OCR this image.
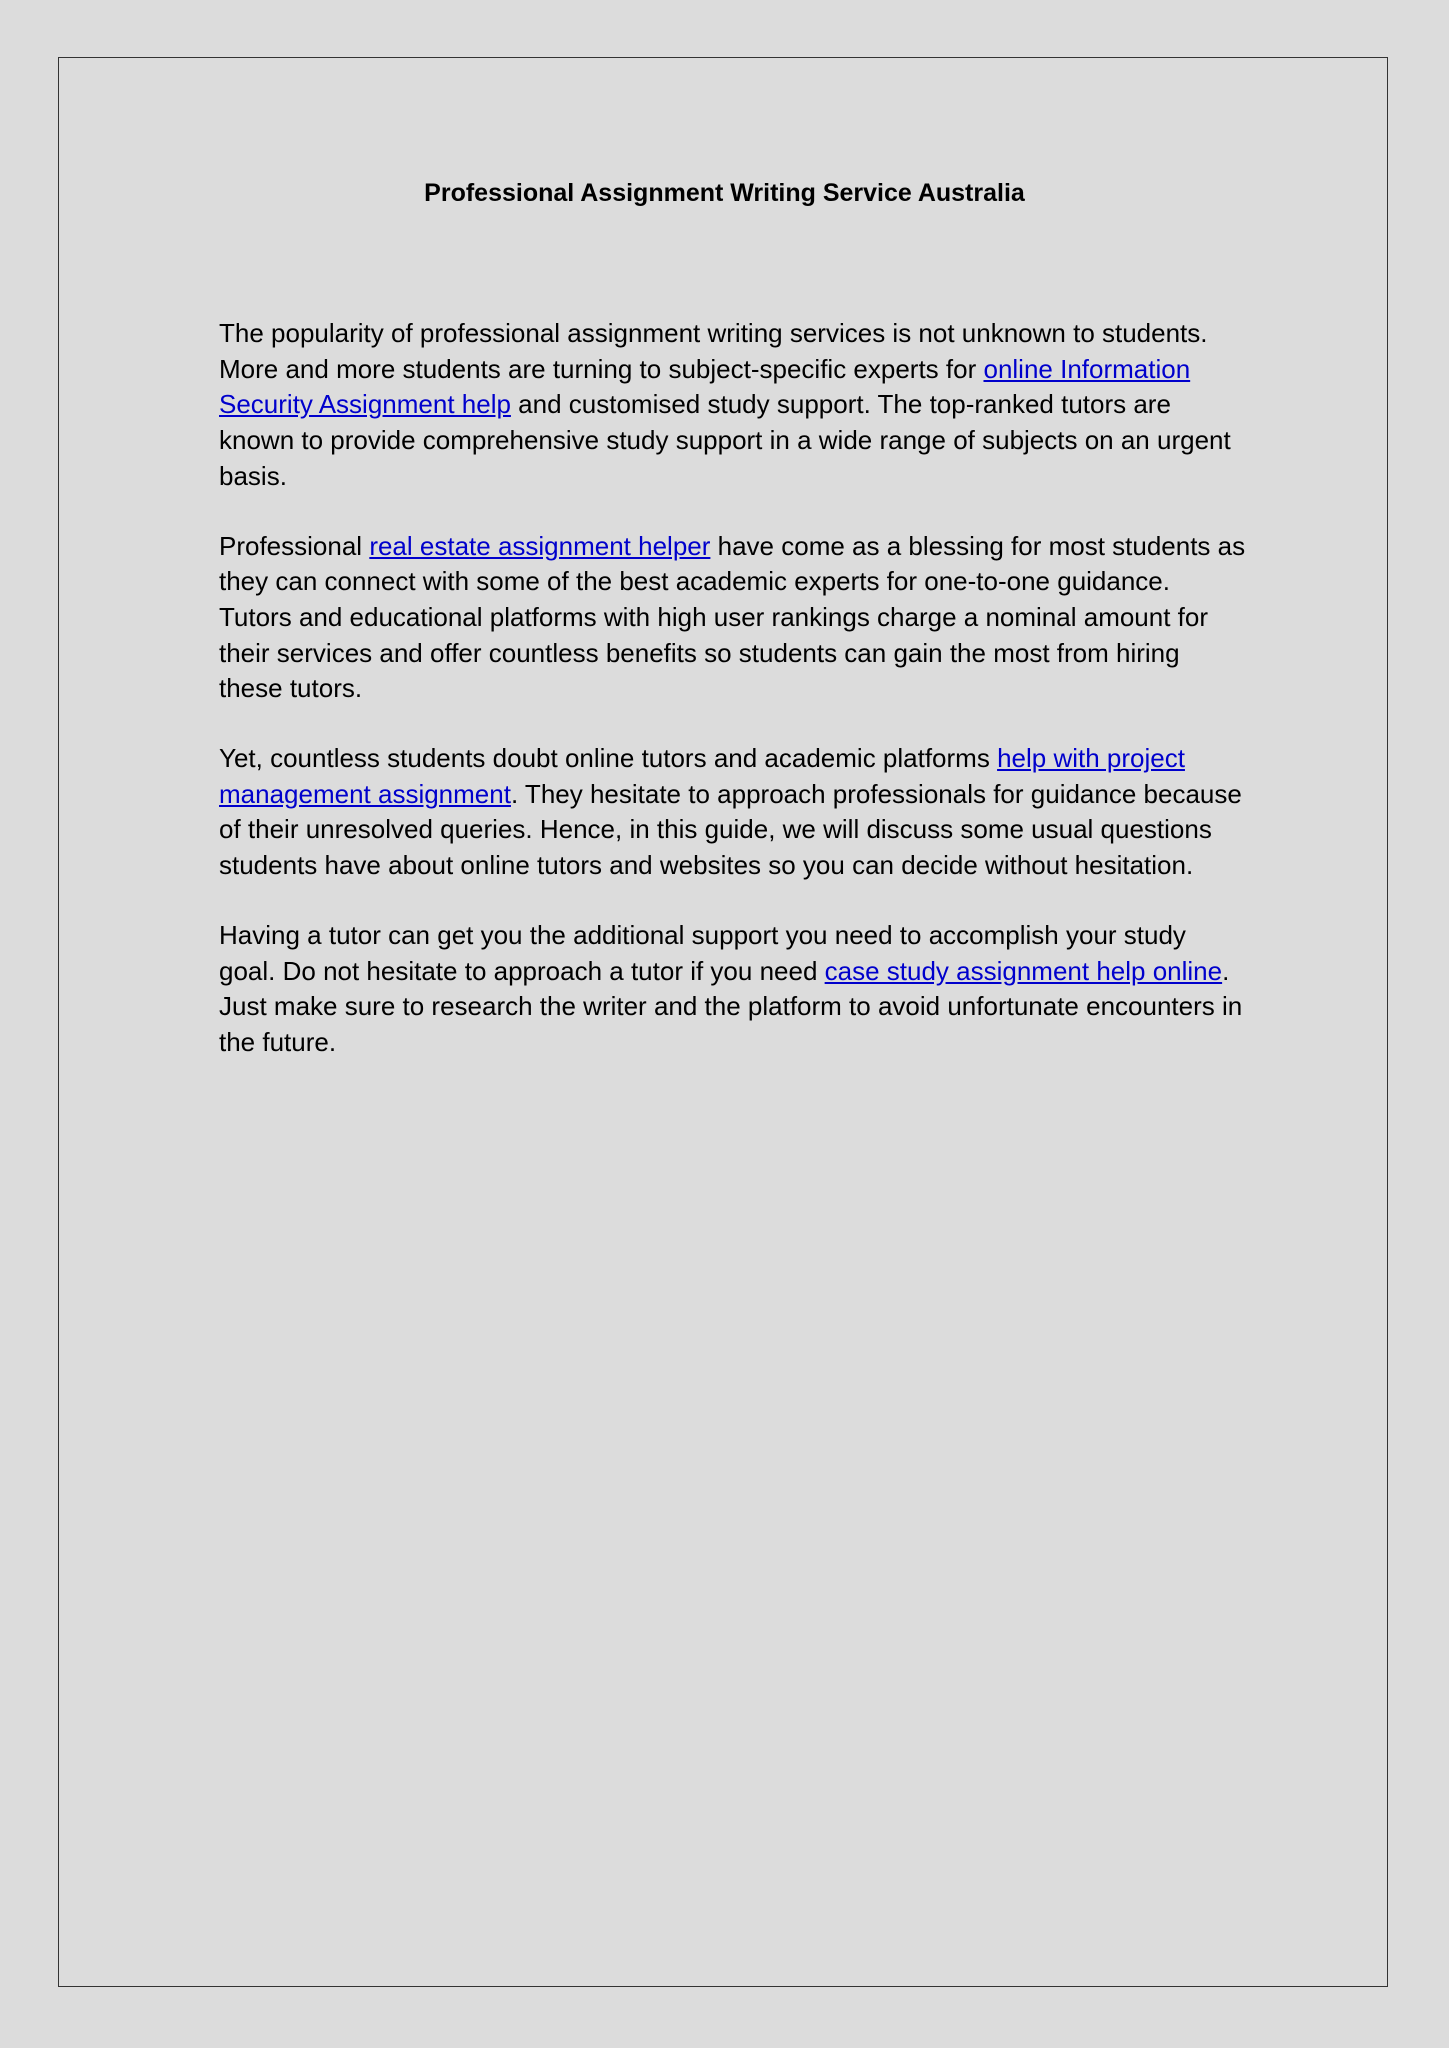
Professional Assignment Writing Service Australia

The popularity of professional assignment writing services is not unknown to students. More and more students are turning to subject-specific experts for online Information Security Assignment help and customised study support. The top-ranked tutors are known to provide comprehensive study support in a wide range of subjects on an urgent basis.

Professional real estate assignment helper have come as a blessing for most students as they can connect with some of the best academic experts for one-to-one guidance. Tutors and educational platforms with high user rankings charge a nominal amount for their services and offer countless benefits so students can gain the most from hiring these tutors.

Yet, countless students doubt online tutors and academic platforms help with project management assignment. They hesitate to approach professionals for guidance because of their unresolved queries. Hence, in this guide, we will discuss some usual questions students have about online tutors and websites so you can decide without hesitation.

Having a tutor can get you the additional support you need to accomplish your study goal. Do not hesitate to approach a tutor if you need case study assignment help online. Just make sure to research the writer and the platform to avoid unfortunate encounters in the future.
